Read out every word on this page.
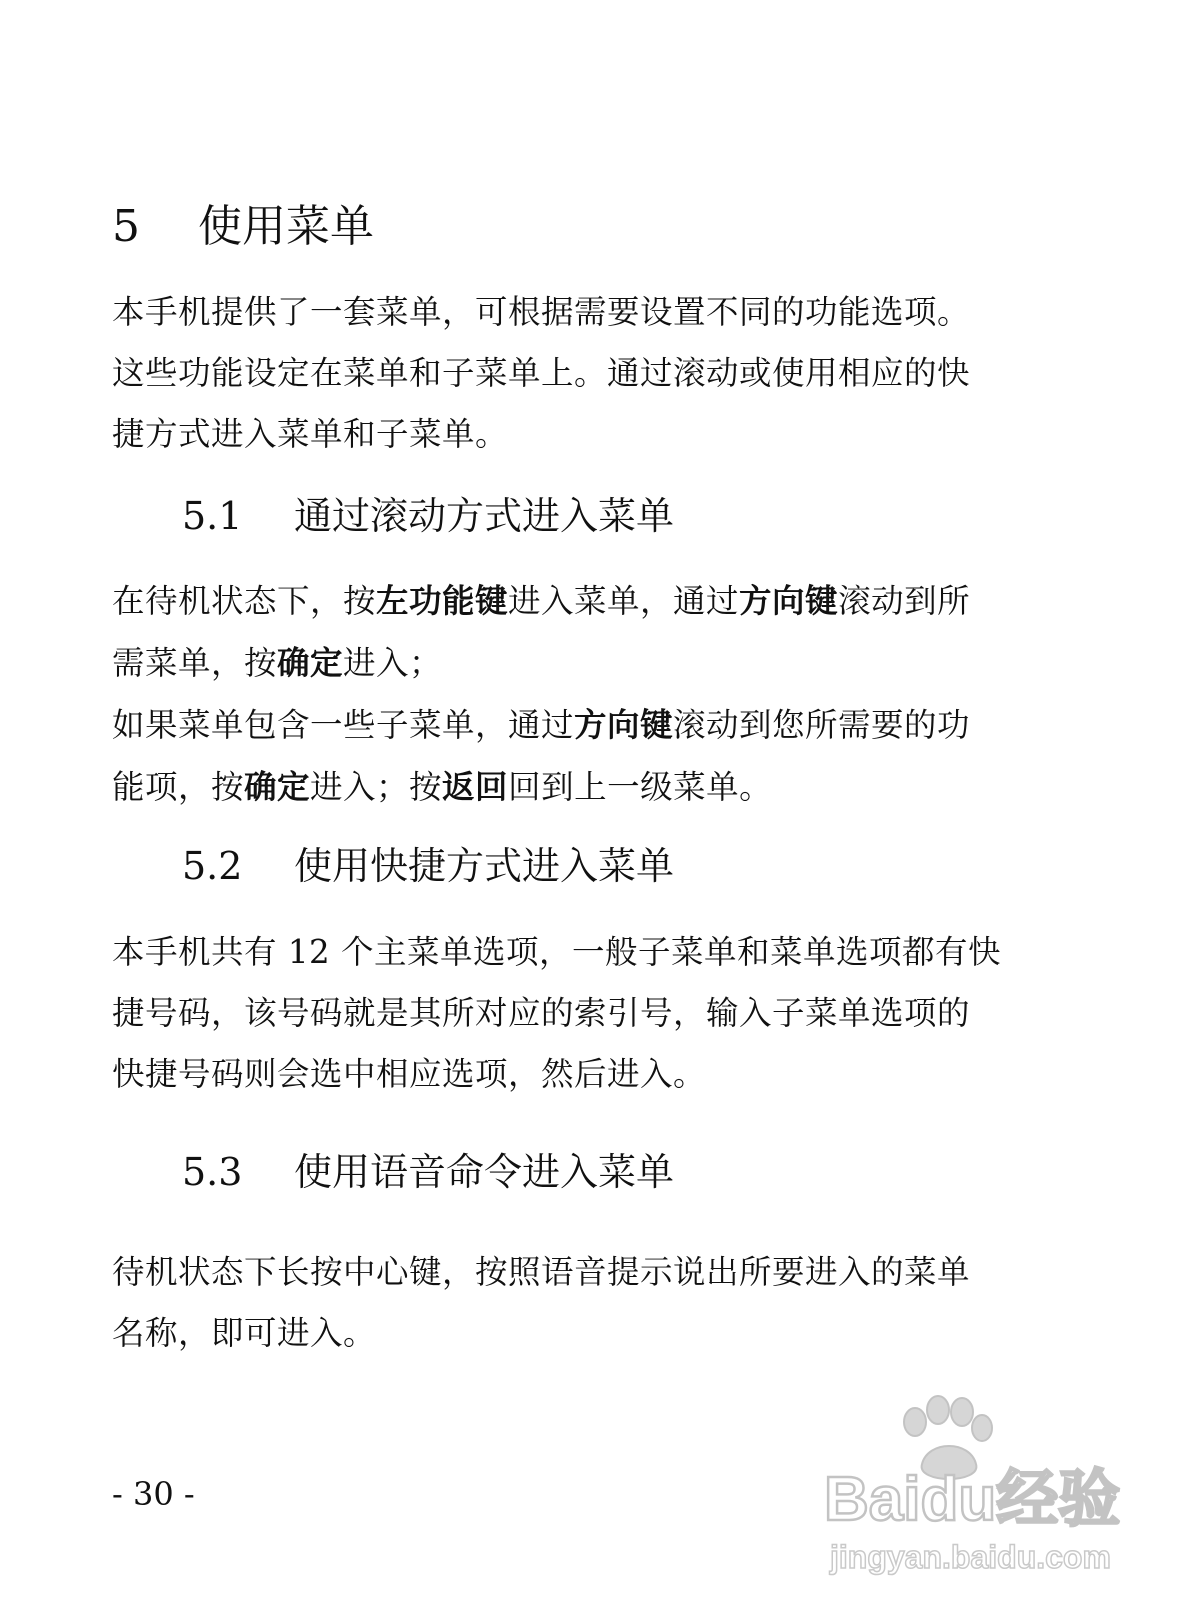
5 使用菜单
本手机提供了一套菜单，可根据需要设置不同的功能选项。
这些功能设定在菜单和子菜单上。通过滚动或使用相应的快
捷方式进入菜单和子菜单。
5.1 通过滚动方式进入菜单
在待机状态下，按左功能键进入菜单，通过方向键滚动到所
需菜单，按确定进入；
如果菜单包含一些子菜单，通过方向键滚动到您所需要的功
能项，按确定进入；按返回回到上一级菜单。
5.2 使用快捷方式进入菜单
本手机共有 12 个主菜单选项，一般子菜单和菜单选项都有快
捷号码，该号码就是其所对应的索引号，输入子菜单选项的
快捷号码则会选中相应选项，然后进入。
5.3 使用语音命令进入菜单
待机状态下长按中心键，按照语音提示说出所要进入的菜单
名称，即可进入。
- 30 -	Baidu经验
jingyan.baidu.com
